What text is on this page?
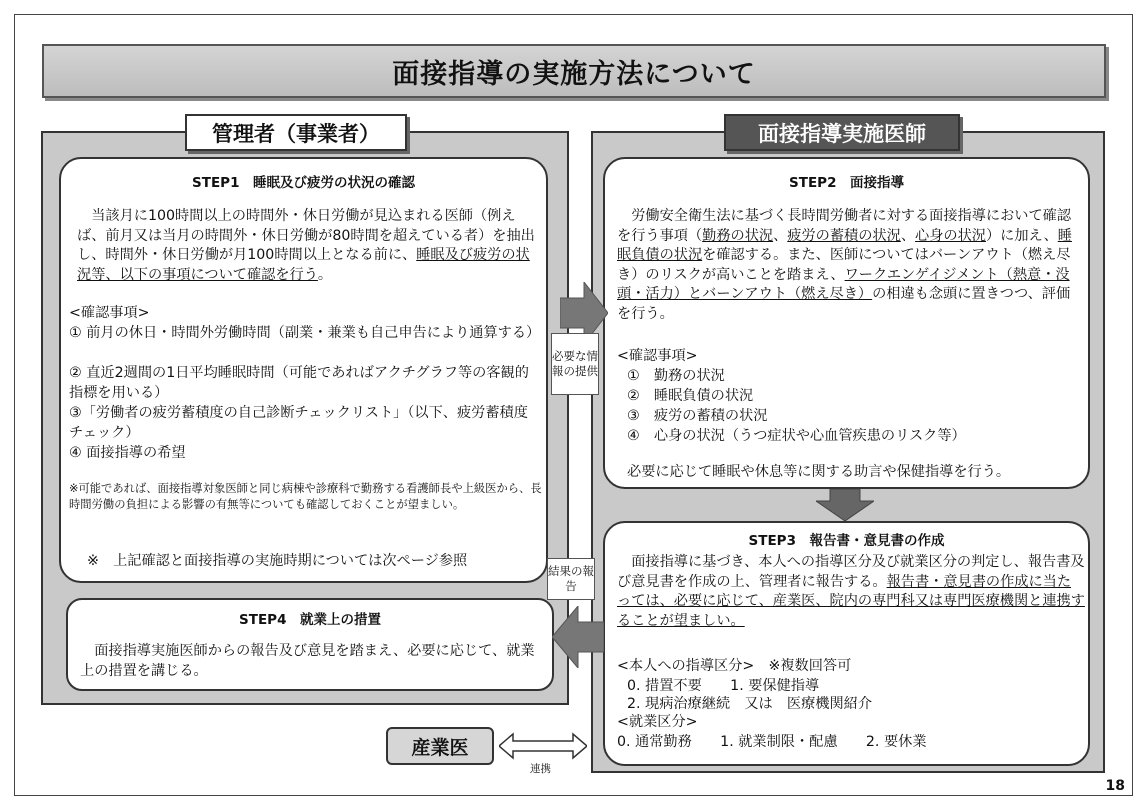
面接指導の実施方法について
管理者（事業者）	面接指導実施医師
STEP1　睡眠及び疲労の状況の確認
　当該月に100時間以上の時間外・休日労働が見込まれる医師（例えば、前月又は当月の時間外・休日労働が80時間を超えている者）を抽出し、時間外・休日労働が月100時間以上となる前に、睡眠及び疲労の状況等、以下の事項について確認を行う。
<確認事項>
① 前月の休日・時間外労働時間（副業・兼業も自己申告により通算する）
② 直近2週間の1日平均睡眠時間（可能であればアクチグラフ等の客観的指標を用いる）
③「労働者の疲労蓄積度の自己診断チェックリスト」（以下、疲労蓄積度チェック）
④ 面接指導の希望
※可能であれば、面接指導対象医師と同じ病棟や診療科で勤務する看護師長や上級医から、長時間労働の負担による影響の有無等についても確認しておくことが望ましい。
※　上記確認と面接指導の実施時期については次ページ参照
STEP4　就業上の措置
　面接指導実施医師からの報告及び意見を踏まえ、必要に応じて、就業上の措置を講じる。
STEP2　面接指導
　労働安全衛生法に基づく長時間労働者に対する面接指導において確認を行う事項（勤務の状況、疲労の蓄積の状況、心身の状況）に加え、睡眠負債の状況を確認する。また、医師についてはバーンアウト（燃え尽き）のリスクが高いことを踏まえ、ワークエンゲイジメント（熱意・没頭・活力）とバーンアウト（燃え尽き）の相違も念頭に置きつつ、評価を行う。
<確認事項>
①　勤務の状況
②　睡眠負債の状況
③　疲労の蓄積の状況
④　心身の状況（うつ症状や心血管疾患のリスク等）
必要に応じて睡眠や休息等に関する助言や保健指導を行う。
STEP3　報告書・意見書の作成
　面接指導に基づき、本人への指導区分及び就業区分の判定し、報告書及び意見書を作成の上、管理者に報告する。報告書・意見書の作成に当たっては、必要に応じて、産業医、院内の専門科又は専門医療機関と連携することが望ましい。
<本人への指導区分>　※複数回答可
0. 措置不要　　1. 要保健指導
2. 現病治療継続　又は　医療機関紹介
<就業区分>
0. 通常勤務　　1. 就業制限・配慮　　2. 要休業
必要な情報の提供
結果の報告
産業医
連携
18
